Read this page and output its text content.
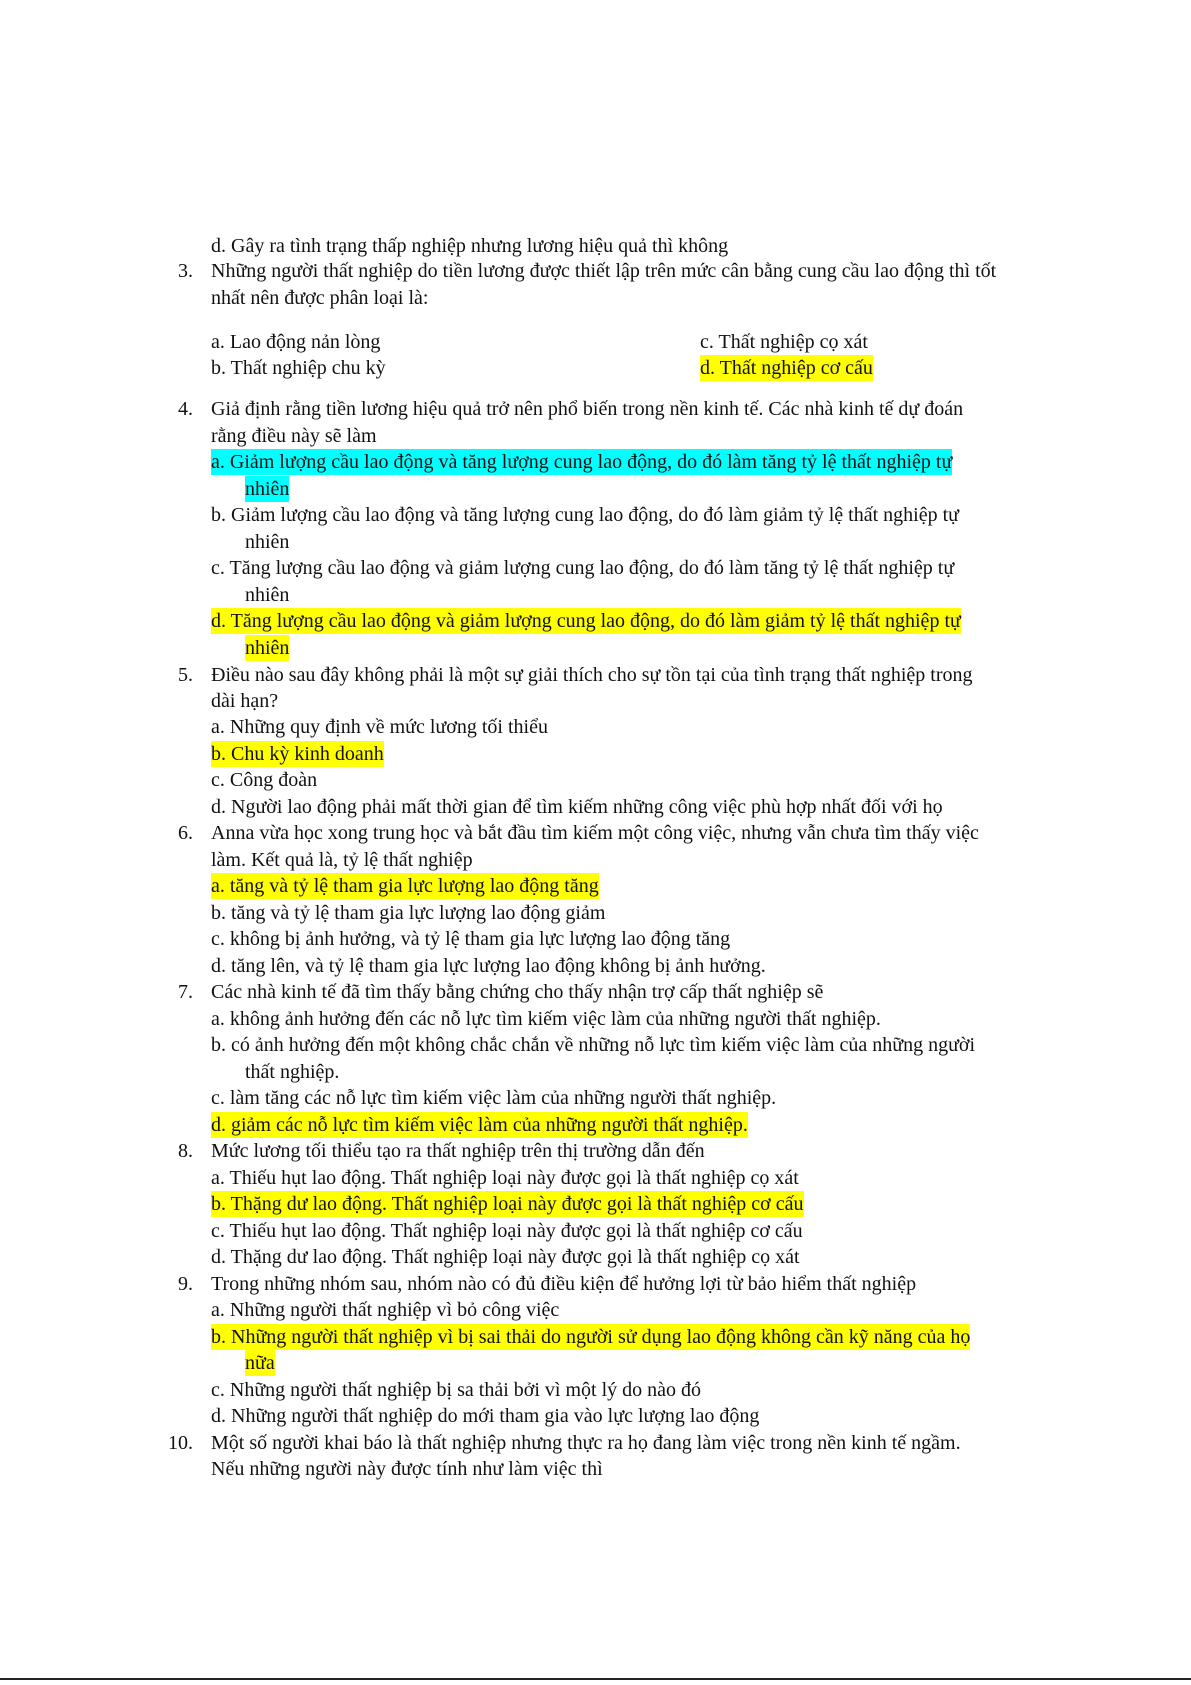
d. Gây ra tình trạng thấp nghiệp nhưng lương hiệu quả thì không
3. Những người thất nghiệp do tiền lương được thiết lập trên mức cân bằng cung cầu lao động thì tốt
nhất nên được phân loại là:
a. Lao động nản lòng
b. Thất nghiệp chu kỳ
c. Thất nghiệp cọ xát
d. Thất nghiệp cơ cấu
4. Giả định rằng tiền lương hiệu quả trở nên phổ biến trong nền kinh tế. Các nhà kinh tế dự đoán
rằng điều này sẽ làm
a. Giảm lượng cầu lao động và tăng lượng cung lao động, do đó làm tăng tỷ lệ thất nghiệp tự
nhiên
b. Giảm lượng cầu lao động và tăng lượng cung lao động, do đó làm giảm tỷ lệ thất nghiệp tự
nhiên
c. Tăng lượng cầu lao động và giảm lượng cung lao động, do đó làm tăng tỷ lệ thất nghiệp tự
nhiên
d. Tăng lượng cầu lao động và giảm lượng cung lao động, do đó làm giảm tỷ lệ thất nghiệp tự
nhiên
5. Điều nào sau đây không phải là một sự giải thích cho sự tồn tại của tình trạng thất nghiệp trong
dài hạn?
a. Những quy định về mức lương tối thiểu
b. Chu kỳ kinh doanh
c. Công đoàn
d. Người lao động phải mất thời gian để tìm kiếm những công việc phù hợp nhất đối với họ
6. Anna vừa học xong trung học và bắt đầu tìm kiếm một công việc, nhưng vẫn chưa tìm thấy việc
làm. Kết quả là, tỷ lệ thất nghiệp
a. tăng và tỷ lệ tham gia lực lượng lao động tăng
b. tăng và tỷ lệ tham gia lực lượng lao động giảm
c. không bị ảnh hưởng, và tỷ lệ tham gia lực lượng lao động tăng
d. tăng lên, và tỷ lệ tham gia lực lượng lao động không bị ảnh hưởng.
7. Các nhà kinh tế đã tìm thấy bằng chứng cho thấy nhận trợ cấp thất nghiệp sẽ
a. không ảnh hưởng đến các nỗ lực tìm kiếm việc làm của những người thất nghiệp.
b. có ảnh hưởng đến một không chắc chắn về những nỗ lực tìm kiếm việc làm của những người
thất nghiệp.
c. làm tăng các nỗ lực tìm kiếm việc làm của những người thất nghiệp.
d. giảm các nỗ lực tìm kiếm việc làm của những người thất nghiệp.
8. Mức lương tối thiểu tạo ra thất nghiệp trên thị trường dẫn đến
a. Thiếu hụt lao động. Thất nghiệp loại này được gọi là thất nghiệp cọ xát
b. Thặng dư lao động. Thất nghiệp loại này được gọi là thất nghiệp cơ cấu
c. Thiếu hụt lao động. Thất nghiệp loại này được gọi là thất nghiệp cơ cấu
d. Thặng dư lao động. Thất nghiệp loại này được gọi là thất nghiệp cọ xát
9. Trong những nhóm sau, nhóm nào có đủ điều kiện để hưởng lợi từ bảo hiểm thất nghiệp
a. Những người thất nghiệp vì bỏ công việc
b. Những người thất nghiệp vì bị sai thải do người sử dụng lao động không cần kỹ năng của họ
nữa
c. Những người thất nghiệp bị sa thải bởi vì một lý do nào đó
d. Những người thất nghiệp do mới tham gia vào lực lượng lao động
10. Một số người khai báo là thất nghiệp nhưng thực ra họ đang làm việc trong nền kinh tế ngầm.
Nếu những người này được tính như làm việc thì
